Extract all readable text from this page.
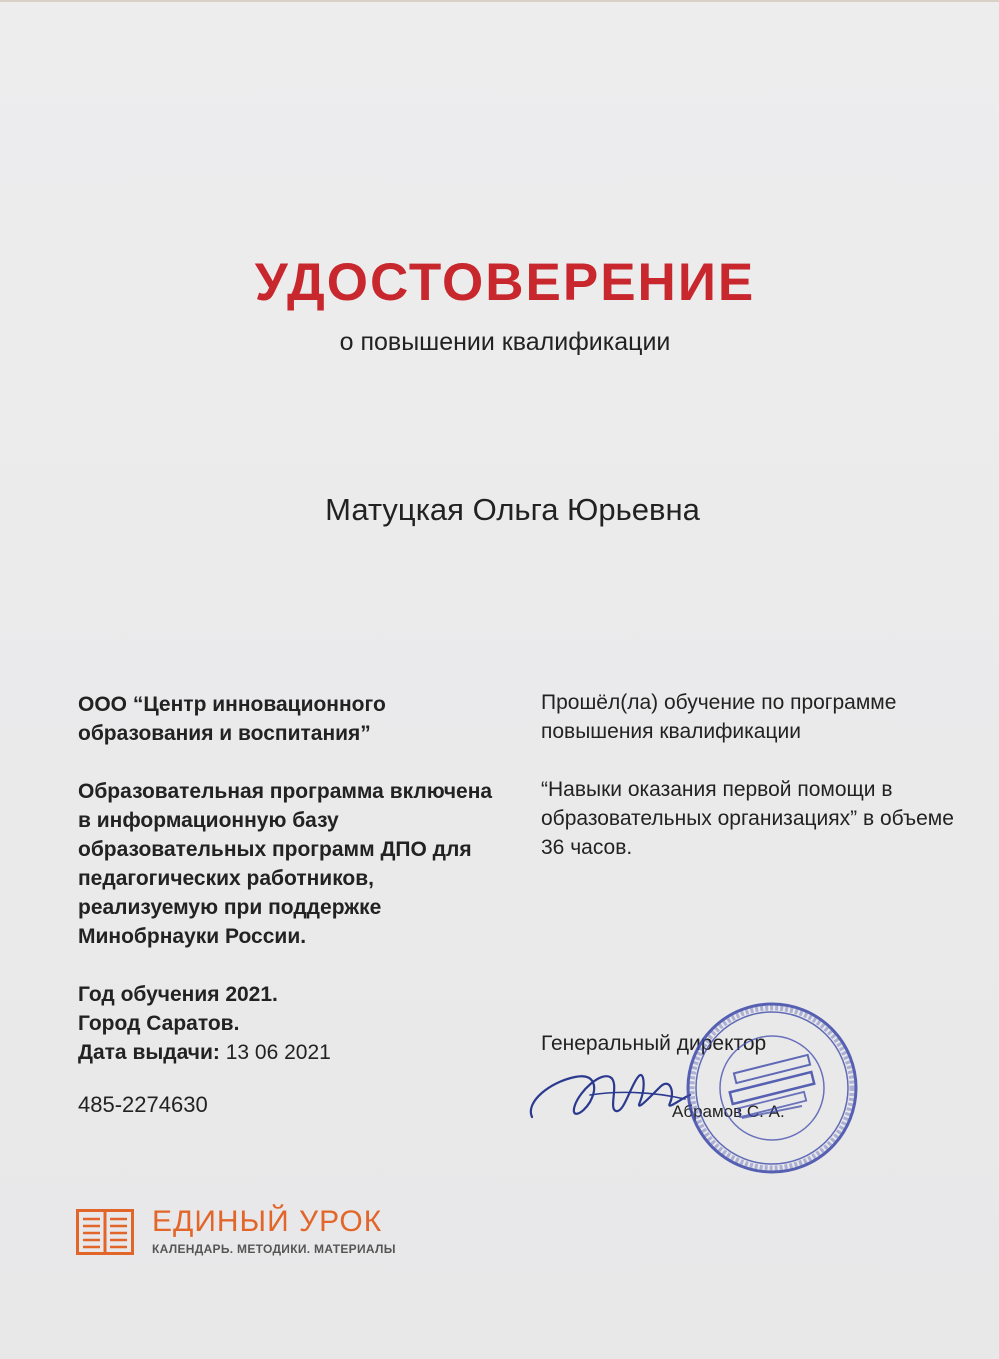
УДОСТОВЕРЕНИЕ
о повышении квалификации
Матуцкая Ольга Юрьевна
ООО “Центр инновационного образования и воспитания”
Образовательная программа включена в информационную базу образовательных программ ДПО для педагогических работников, реализуемую при поддержке Минобрнауки России.
Год обучения 2021.
Город Саратов.
Дата выдачи: 13 06 2021
485-2274630
Прошёл(ла) обучение по программе повышения квалификации
“Навыки оказания первой помощи в образовательных организациях” в объеме 36 часов.
Генеральный директор
Абрамов С. А.
ЕДИНЫЙ УРОК
КАЛЕНДАРЬ. МЕТОДИКИ. МАТЕРИАЛЫ
